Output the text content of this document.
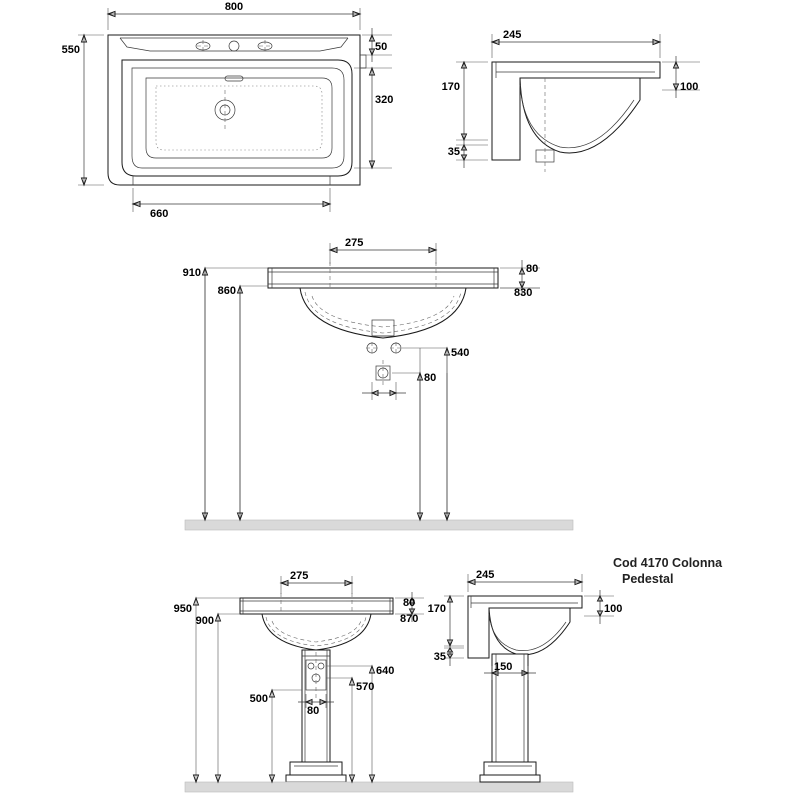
800
550	50
320
660
245
170	100
35
910
860
540
80
275
80
830
Cod 4170 Colonna
Pedestal
950
900
275
80
870
640
570
500
80
245
170	100
35
150
